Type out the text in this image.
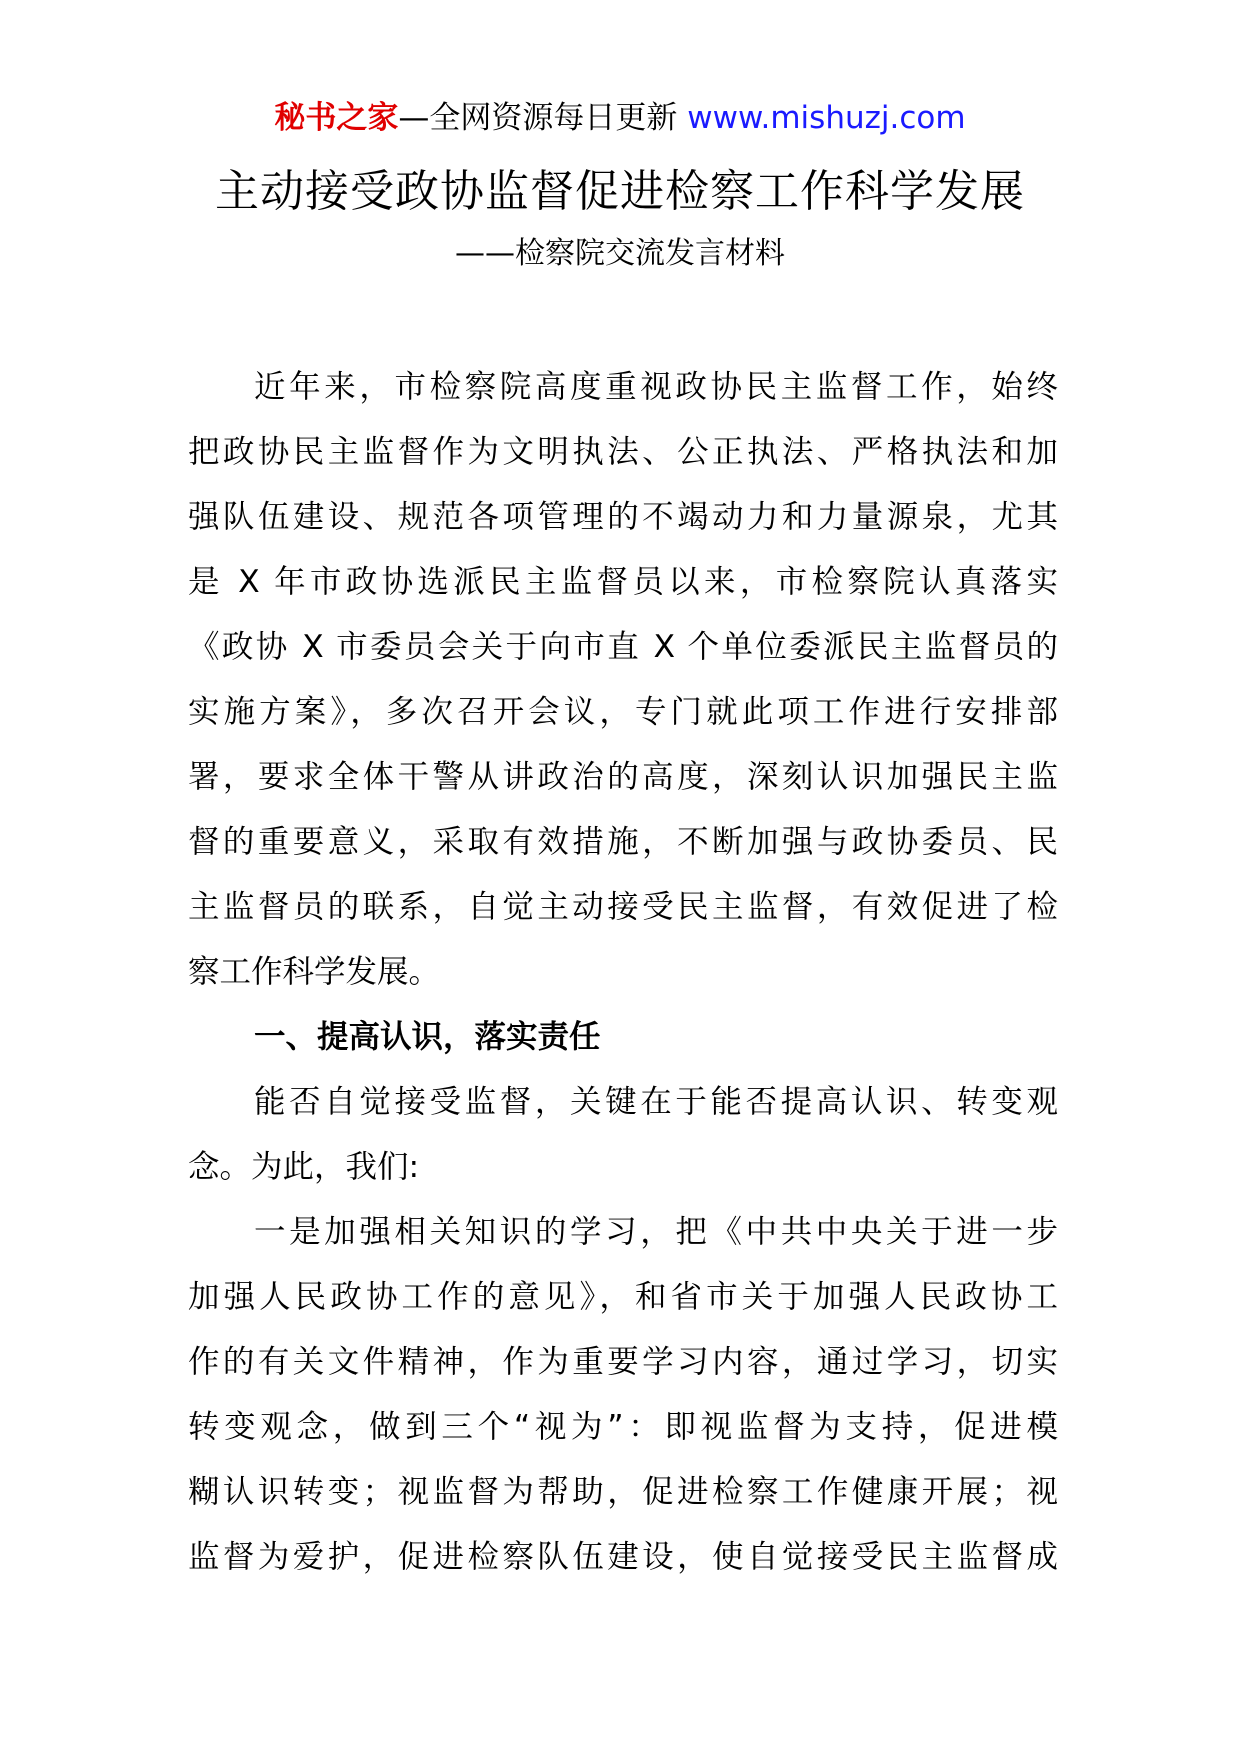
秘书之家—全网资源每日更新 www.mishuzj.com
主动接受政协监督促进检察工作科学发展
——检察院交流发言材料
近年来，市检察院高度重视政协民主监督工作，始终
把政协民主监督作为文明执法、公正执法、严格执法和加
强队伍建设、规范各项管理的不竭动力和力量源泉，尤其
是 X 年市政协选派民主监督员以来，市检察院认真落实
《政协 X 市委员会关于向市直 X 个单位委派民主监督员的
实施方案》，多次召开会议，专门就此项工作进行安排部
署，要求全体干警从讲政治的高度，深刻认识加强民主监
督的重要意义，采取有效措施，不断加强与政协委员、民
主监督员的联系，自觉主动接受民主监督，有效促进了检
察工作科学发展。
一、提高认识，落实责任
能否自觉接受监督，关键在于能否提高认识、转变观
念。为此，我们:
一是加强相关知识的学习，把《中共中央关于进一步
加强人民政协工作的意见》，和省市关于加强人民政协工
作的有关文件精神，作为重要学习内容，通过学习，切实
转变观念，做到三个“视为”：即视监督为支持，促进模
糊认识转变；视监督为帮助，促进检察工作健康开展；视
监督为爱护，促进检察队伍建设，使自觉接受民主监督成
